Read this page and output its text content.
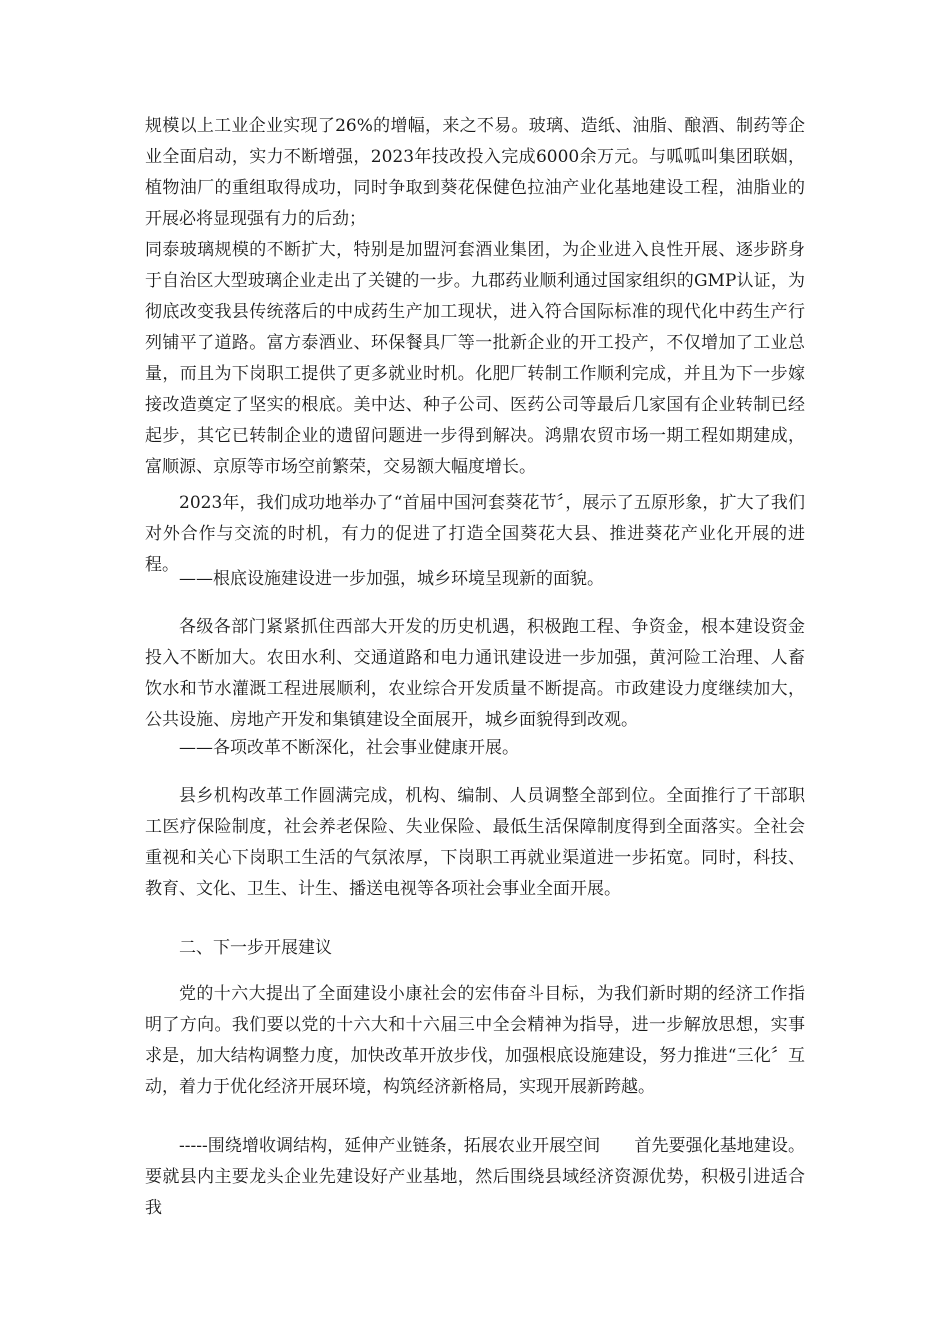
规模以上工业企业实现了26%的增幅，来之不易。玻璃、造纸、油脂、酿酒、制药等企业全面启动，实力不断增强，2023年技改投入完成6000余万元。与呱呱叫集团联姻，植物油厂的重组取得成功，同时争取到葵花保健色拉油产业化基地建设工程，油脂业的开展必将显现强有力的后劲；

同泰玻璃规模的不断扩大，特别是加盟河套酒业集团，为企业进入良性开展、逐步跻身于自治区大型玻璃企业走出了关键的一步。九郡药业顺利通过国家组织的GMP认证，为彻底改变我县传统落后的中成药生产加工现状，进入符合国际标准的现代化中药生产行列铺平了道路。富方泰酒业、环保餐具厂等一批新企业的开工投产，不仅增加了工业总量，而且为下岗职工提供了更多就业时机。化肥厂转制工作顺利完成，并且为下一步嫁接改造奠定了坚实的根底。美中达、种子公司、医药公司等最后几家国有企业转制已经起步，其它已转制企业的遗留问题进一步得到解决。鸿鼎农贸市场一期工程如期建成，富顺源、京原等市场空前繁荣，交易额大幅度增长。

2023年，我们成功地举办了“首届中国河套葵花节〞，展示了五原形象，扩大了我们对外合作与交流的时机，有力的促进了打造全国葵花大县、推进葵花产业化开展的进程。

——根底设施建设进一步加强，城乡环境呈现新的面貌。

各级各部门紧紧抓住西部大开发的历史机遇，积极跑工程、争资金，根本建设资金投入不断加大。农田水利、交通道路和电力通讯建设进一步加强，黄河险工治理、人畜饮水和节水灌溉工程进展顺利，农业综合开发质量不断提高。市政建设力度继续加大，公共设施、房地产开发和集镇建设全面展开，城乡面貌得到改观。

——各项改革不断深化，社会事业健康开展。

县乡机构改革工作圆满完成，机构、编制、人员调整全部到位。全面推行了干部职工医疗保险制度，社会养老保险、失业保险、最低生活保障制度得到全面落实。全社会重视和关心下岗职工生活的气氛浓厚，下岗职工再就业渠道进一步拓宽。同时，科技、教育、文化、卫生、计生、播送电视等各项社会事业全面开展。

二、下一步开展建议

党的十六大提出了全面建设小康社会的宏伟奋斗目标，为我们新时期的经济工作指明了方向。我们要以党的十六大和十六届三中全会精神为指导，进一步解放思想，实事求是，加大结构调整力度，加快改革开放步伐，加强根底设施建设，努力推进“三化〞互动，着力于优化经济开展环境，构筑经济新格局，实现开展新跨越。

-----围绕增收调结构，延伸产业链条，拓展农业开展空间　　首先要强化基地建设。要就县内主要龙头企业先建设好产业基地，然后围绕县域经济资源优势，积极引进适合我
